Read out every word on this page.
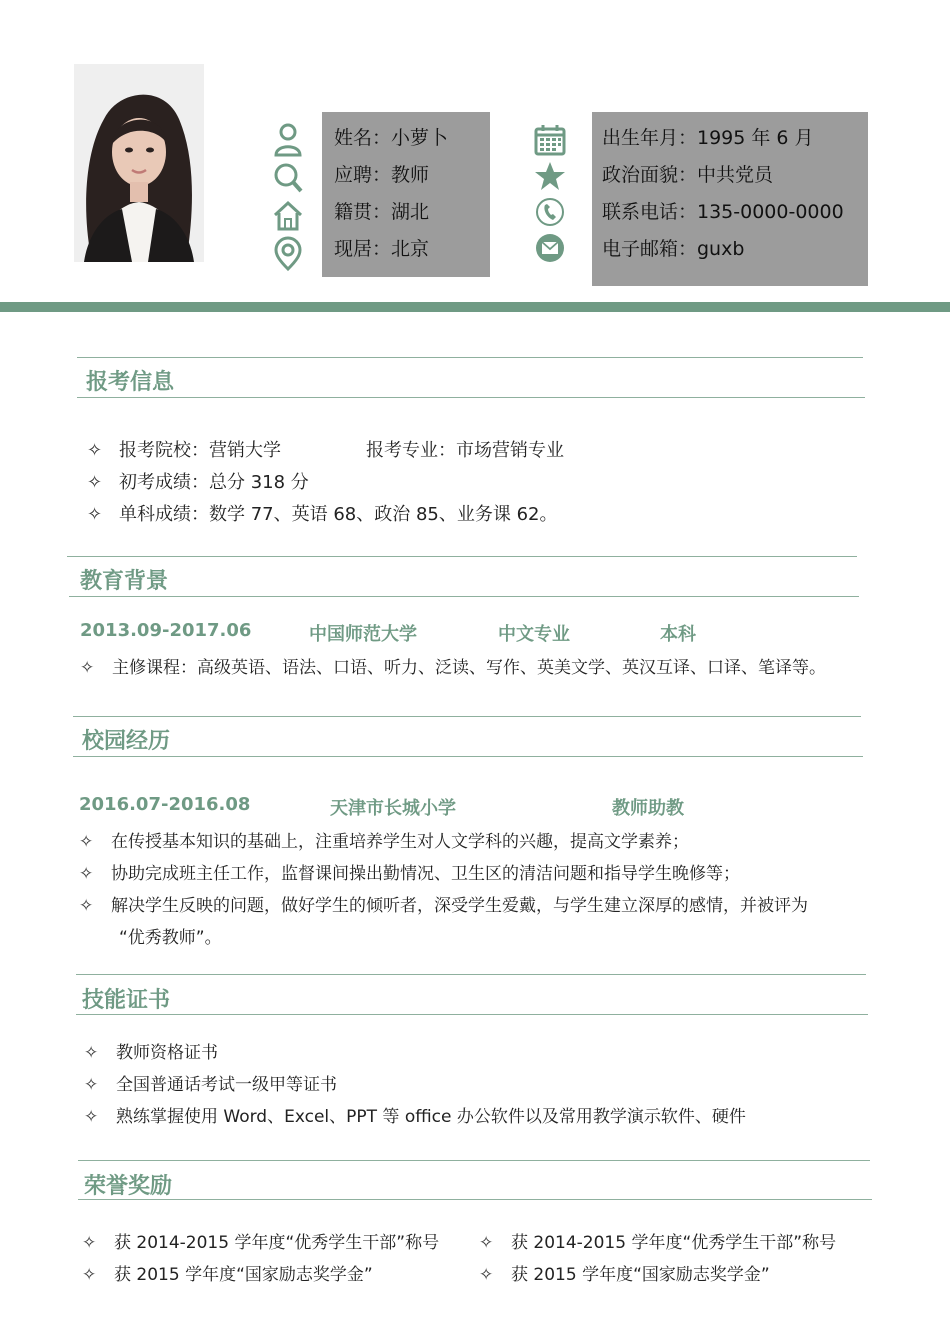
姓名：小萝卜
应聘：教师
籍贯：湖北
现居：北京
出生年月：1995 年 6 月
政治面貌：中共党员
联系电话：135-0000-0000
电子邮箱：guxb
报考信息
✧ 报考院校：营销大学	报考专业：市场营销专业
✧ 初考成绩：总分 318 分
✧ 单科成绩：数学 77、英语 68、政治 85、业务课 62。
教育背景
2013.09-2017.06	中国师范大学	中文专业	本科
✧ 主修课程：高级英语、语法、口语、听力、泛读、写作、英美文学、英汉互译、口译、笔译等。
校园经历
2016.07-2016.08	天津市长城小学	教师助教
✧ 在传授基本知识的基础上，注重培养学生对人文学科的兴趣，提高文学素养；
✧ 协助完成班主任工作，监督课间操出勤情况、卫生区的清洁问题和指导学生晚修等；
✧ 解决学生反映的问题，做好学生的倾听者，深受学生爱戴，与学生建立深厚的感情，并被评为
“优秀教师”。
技能证书
✧ 教师资格证书
✧ 全国普通话考试一级甲等证书
✧ 熟练掌握使用 Word、Excel、PPT 等 office 办公软件以及常用教学演示软件、硬件
荣誉奖励
✧ 获 2014-2015 学年度“优秀学生干部”称号
✧ 获 2015 学年度“国家励志奖学金”
✧ 获 2014-2015 学年度“优秀学生干部”称号
✧ 获 2015 学年度“国家励志奖学金”
